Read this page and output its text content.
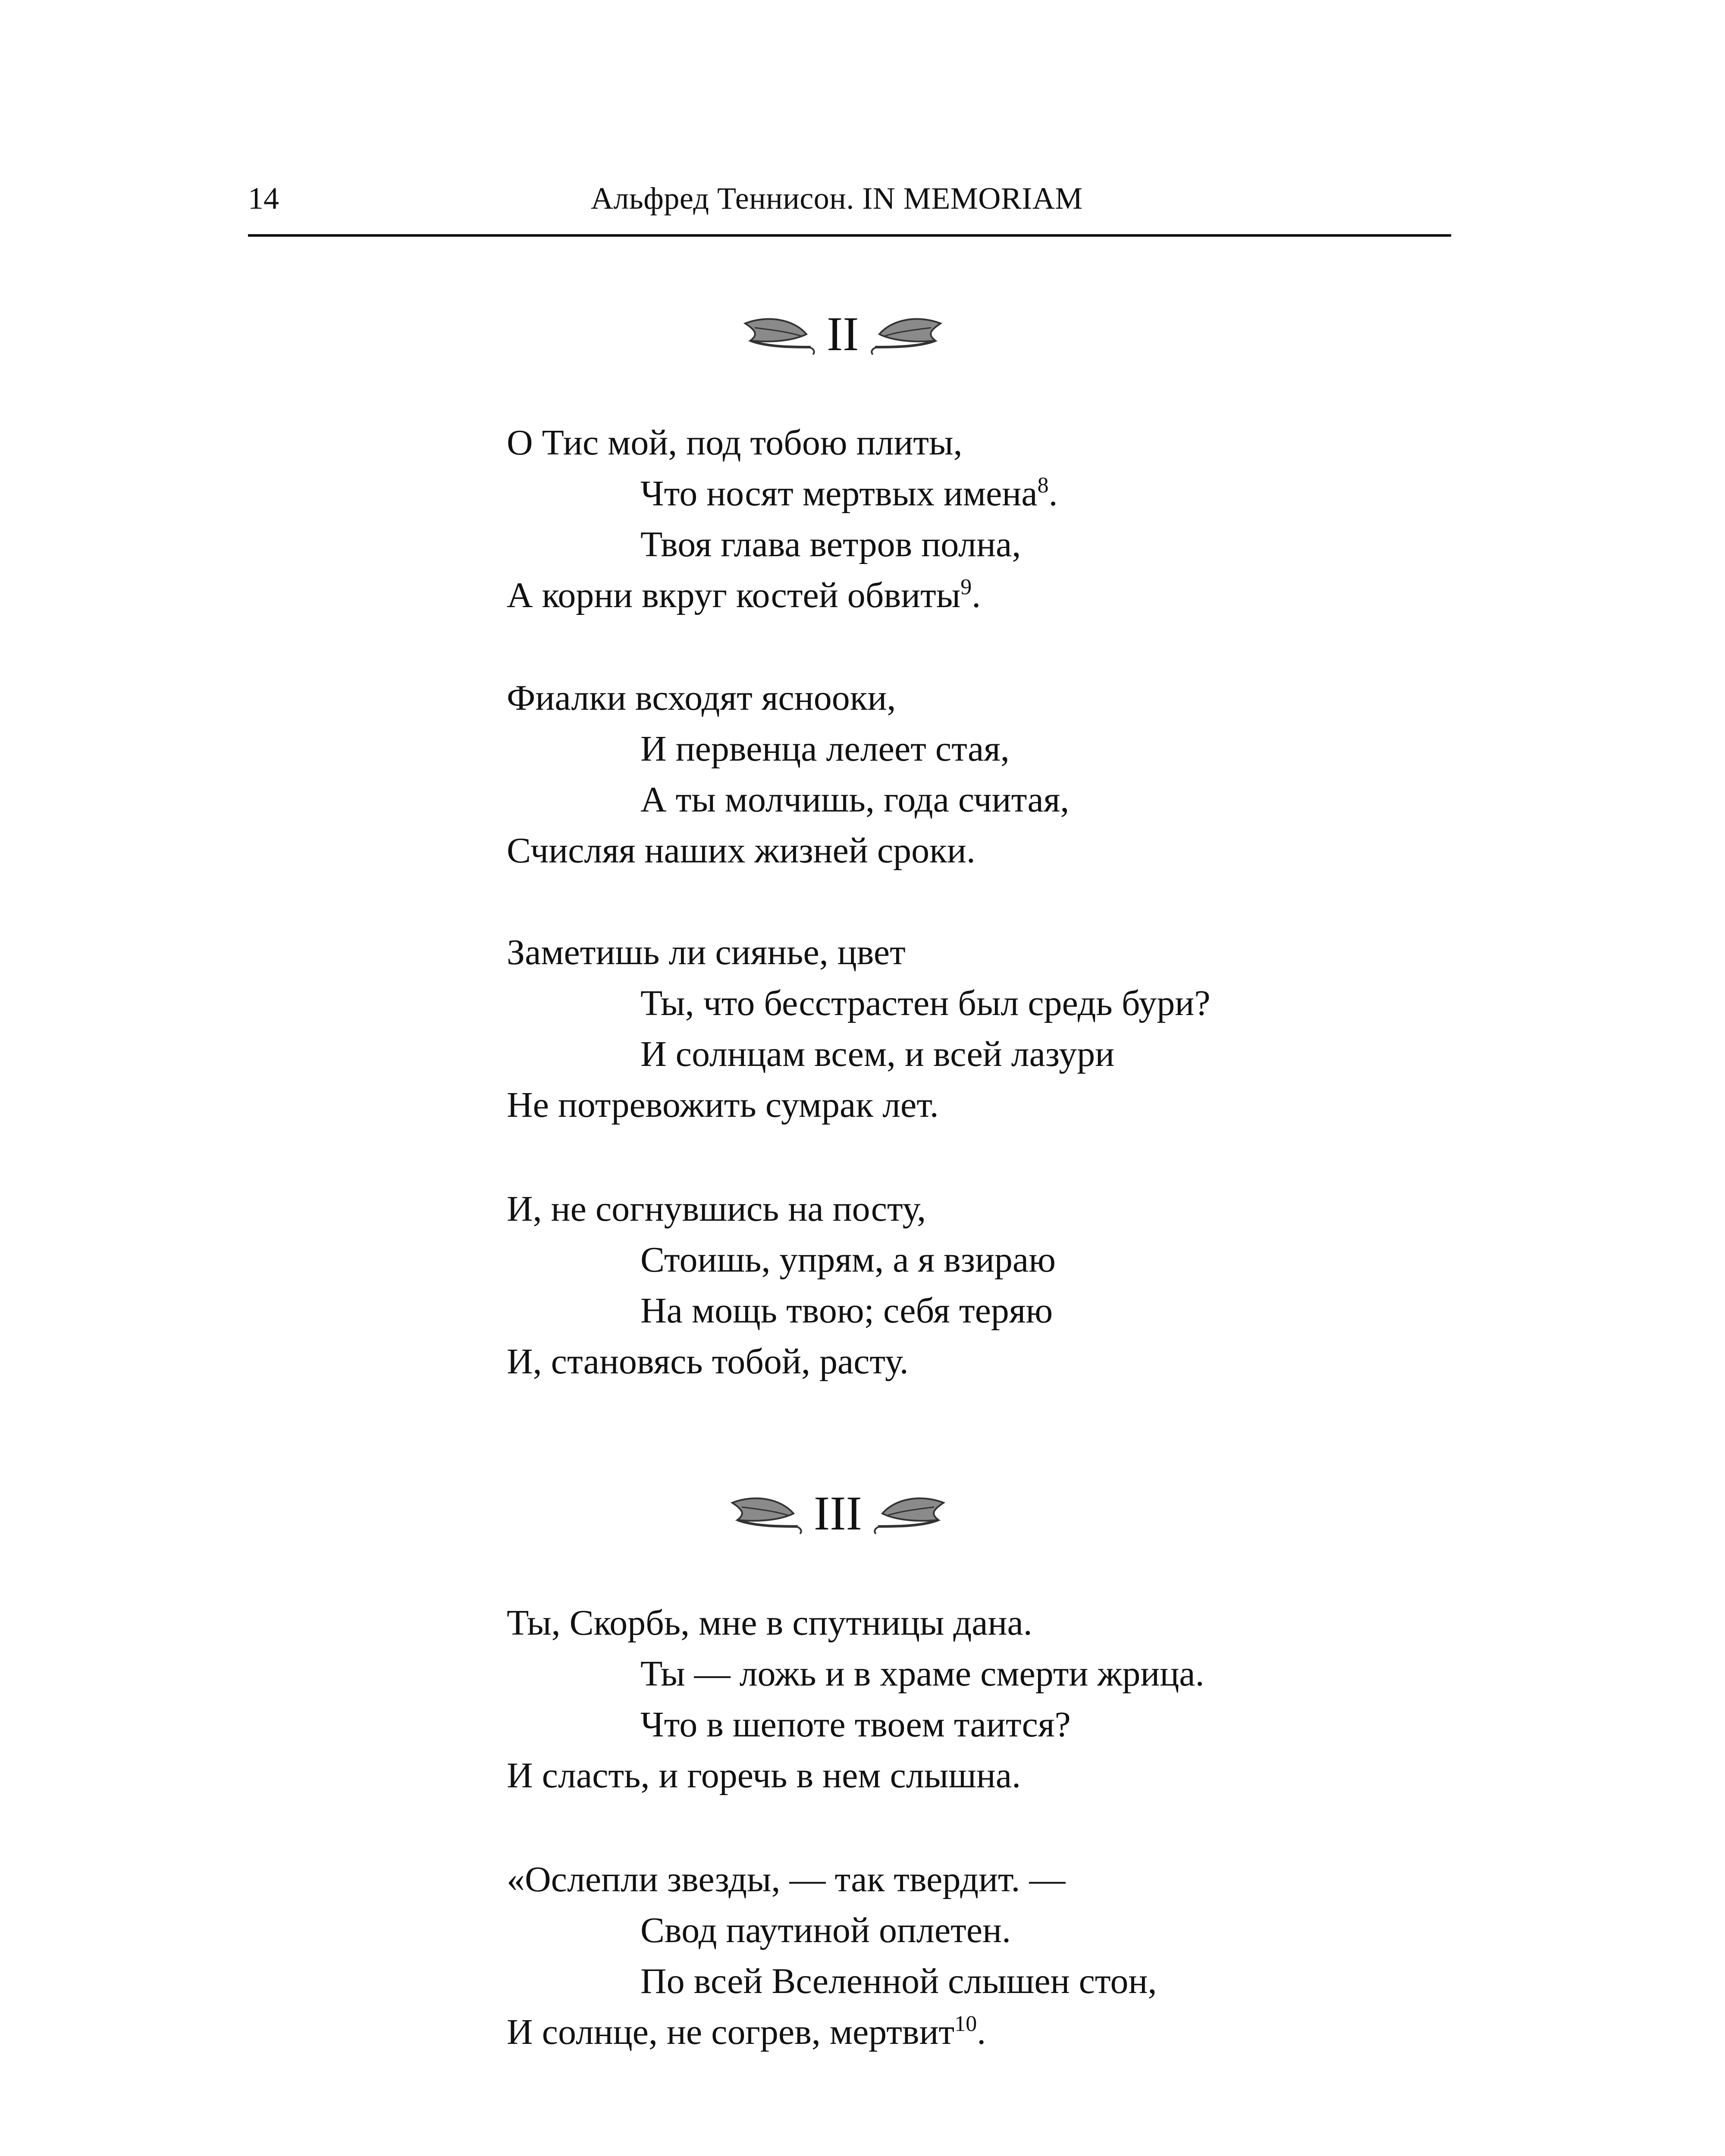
14	Альфред Теннисон. IN MEMORIAM
II
О Тис мой, под тобою плиты,
Что носят мертвых имена$^8$.
Твоя глава ветров полна,
А корни вкруг костей обвиты$^9$.
Фиалки всходят яснооки,
И первенца лелеет стая,
А ты молчишь, года считая,
Счисляя наших жизней сроки.
Заметишь ли сиянье, цвет
Ты, что бесстрастен был средь бури?
И солнцам всем, и всей лазури
Не потревожить сумрак лет.
И, не согнувшись на посту,
Стоишь, упрям, а я взираю
На мощь твою; себя теряю
И, становясь тобой, расту.
III
Ты, Скорбь, мне в спутницы дана.
Ты — ложь и в храме смерти жрица.
Что в шепоте твоем таится?
И сласть, и горечь в нем слышна.
«Ослепли звезды, — так твердит. —
Свод паутиной оплетен.
По всей Вселенной слышен стон,
И солнце, не согрев, мертвит$^{10}$.
